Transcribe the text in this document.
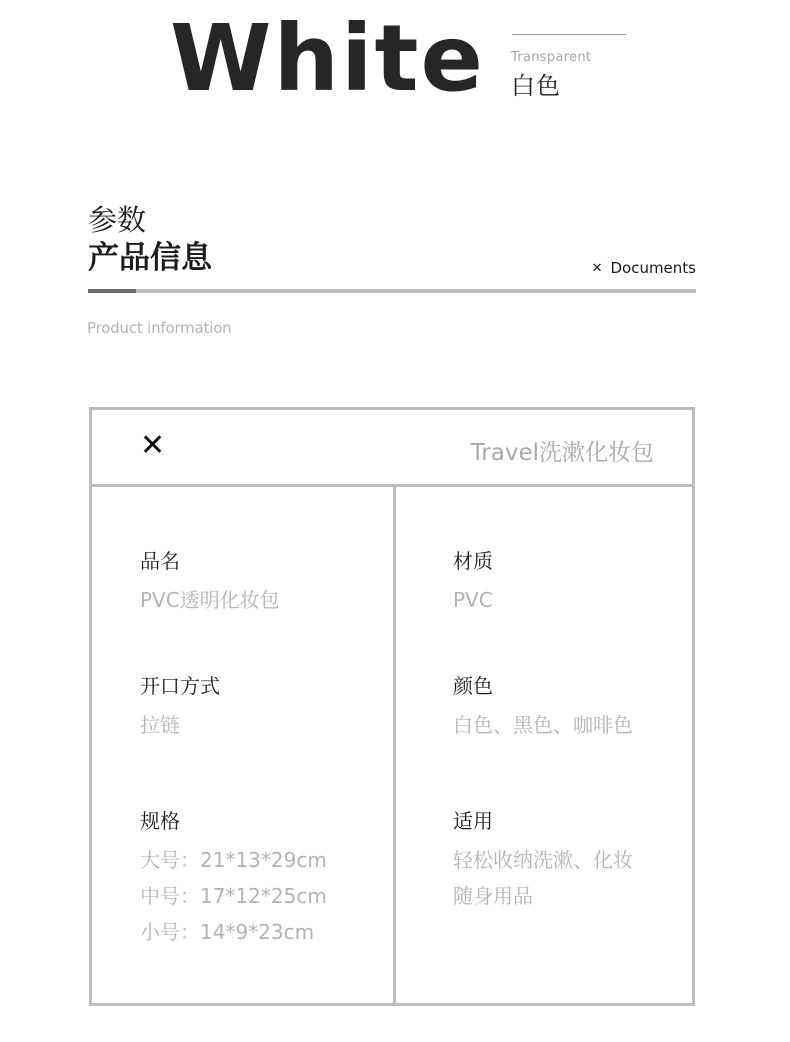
White Transparent
白色
参数
产品信息	✕ Documents
Product information
✕	Travel洗漱化妆包
品名
PVC透明化妆包
材质
PVC
开口方式
拉链
颜色
白色、黑色、咖啡色
规格
大号：21*13*29cm
中号：17*12*25cm
小号：14*9*23cm
适用
轻松收纳洗漱、化妆
随身用品
